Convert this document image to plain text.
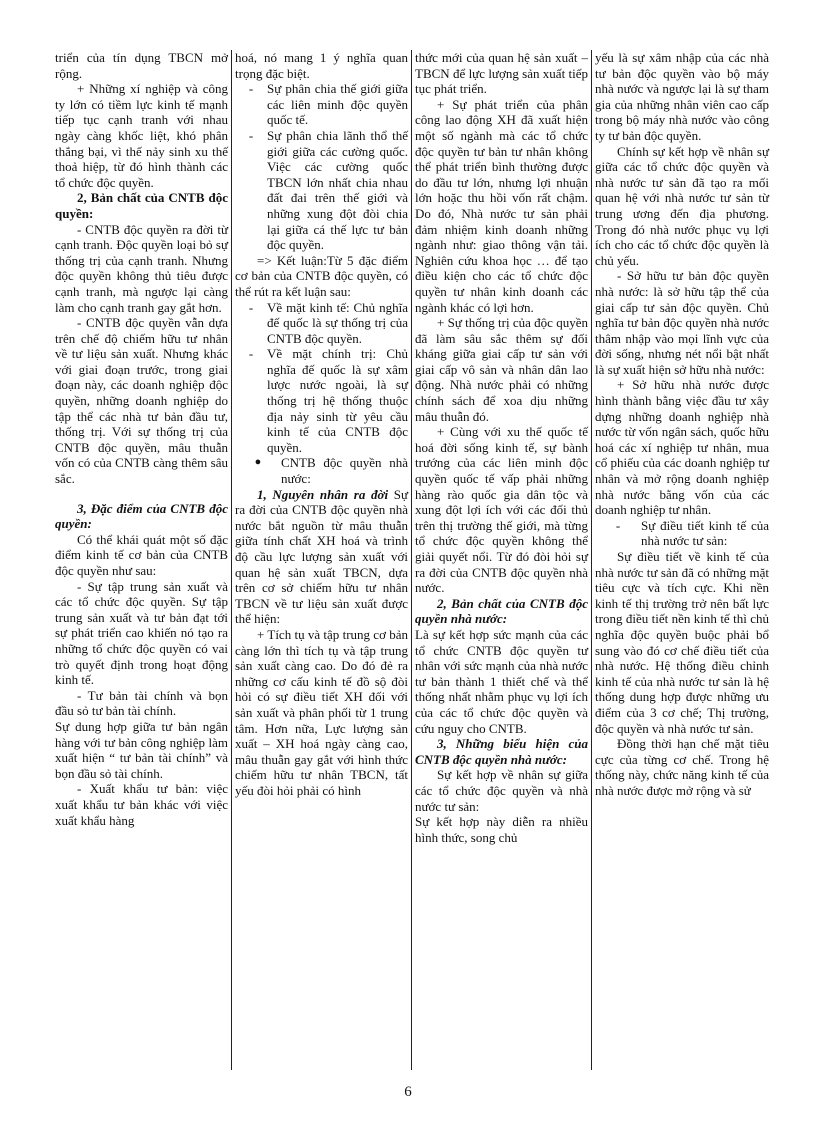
triển của tín dụng TBCN mở rộng.

+ Những xí nghiệp và công ty lớn có tiềm lực kinh tế mạnh tiếp tục cạnh tranh với nhau ngày càng khốc liệt, khó phân thắng bại, vì thế nảy sinh xu thế thoả hiệp, từ đó hình thành các tổ chức độc quyền.

2, Bản chất của CNTB độc quyền:

- CNTB độc quyền ra đời từ cạnh tranh. Độc quyền loại bỏ sự thống trị của cạnh tranh. Nhưng độc quyền không thủ tiêu được cạnh tranh, mà ngược lại càng làm cho cạnh tranh gay gắt hơn.

- CNTB độc quyền vẫn dựa trên chế độ chiếm hữu tư nhân về tư liệu sản xuất. Nhưng khác với giai đoạn trước, trong giai đoạn này, các doanh nghiệp độc quyền, những doanh nghiệp do tập thể các nhà tư bản đầu tư, thống trị. Với sự thống trị của CNTB độc quyền, mâu thuẫn vốn có của CNTB càng thêm sâu sắc.

3, Đặc điểm của CNTB độc quyền:

Có thể khái quát một số đặc điểm kinh tế cơ bản của CNTB độc quyền như sau:

- Sự tập trung sản xuất và các tổ chức độc quyền. Sự tập trung sản xuất và tư bản đạt tới sự phát triển cao khiến nó tạo ra những tổ chức độc quyền có vai trò quyết định trong hoạt động kinh tế.

- Tư bản tài chính và bọn đầu sỏ tư bản tài chính.

Sự dung hợp giữa tư bản ngân hàng với tư bản công nghiệp làm xuất hiện “ tư bản tài chính” và bọn đầu sỏ tài chính.

- Xuất khẩu tư bản: việc xuất khẩu tư bản khác với việc xuất khẩu hàng

hoá, nó mang 1 ý nghĩa quan trọng đặc biệt.

-	Sự phân chia thế giới giữa các liên minh độc quyền quốc tế.
-	Sự phân chia lãnh thổ thế giới giữa các cường quốc. Việc các cường quốc TBCN lớn nhất chia nhau đất đai trên thế giới và những xung đột đòi chia lại giữa cá thế lực tư bản độc quyền.

=> Kết luận:Từ 5 đặc điểm cơ bản của CNTB độc quyền, có thể rút ra kết luận sau:

-	Về mặt kinh tế: Chủ nghĩa đế quốc là sự thống trị của CNTB độc quyền.
-	Về mặt chính trị: Chủ nghĩa đế quốc là sự xâm lược nước ngoài, là sự thống trị hệ thống thuộc địa nảy sinh từ yêu cầu kinh tế của CNTB độc quyền.
●	CNTB độc quyền nhà nước:

1, Nguyên nhân ra đời Sự ra đời của CNTB độc quyền nhà nước bắt nguồn từ mâu thuẫn giữa tính chất XH hoá và trình độ cầu lực lượng sản xuất với quan hệ sản xuất TBCN, dựa trên cơ sở chiếm hữu tư nhân TBCN về tư liệu sản xuất được thể hiện:

+ Tích tụ và tập trung cơ bản càng lớn thì tích tụ và tập trung sản xuất càng cao. Do đó đẻ ra những cơ cấu kinh tế đồ sộ đòi hỏi có sự điều tiết XH đối với sản xuất và phân phối từ 1 trung tâm. Hơn nữa, Lực lượng sản xuất – XH hoá ngày càng cao, mâu thuẫn gay gắt với hình thức chiếm hữu tư nhân TBCN, tất yếu đòi hỏi phải có hình

thức mới của quan hệ sản xuất – TBCN để lực lượng sản xuất tiếp tục phát triển.

+ Sự phát triển của phân công lao động XH đã xuất hiện một số ngành mà các tổ chức độc quyền tư bản tư nhân không thể phát triển bình thường được do đầu tư lớn, nhưng lợi nhuận lớn hoặc thu hồi vốn rất chậm. Do đó, Nhà nước tư sản phải đảm nhiệm kinh doanh những ngành như: giao thông vận tải. Nghiên cứu khoa học … để tạo điều kiện cho các tổ chức độc quyền tư nhân kinh doanh các ngành khác có lợi hơn.

+ Sự thống trị của độc quyền đã làm sâu sắc thêm sự đối kháng giữa giai cấp tư sản với giai cấp vô sản và nhân dân lao động. Nhà nước phải có những chính sách để xoa dịu những mâu thuẫn đó.

+ Cùng với xu thế quốc tế hoá đời sống kinh tế, sự bành trướng của các liên minh độc quyền quốc tế vấp phải những hàng rào quốc gia dân tộc và xung đột lợi ích với các đối thủ trên thị trường thế giới, mà từng tổ chức độc quyền không thể giải quyết nổi. Từ đó đòi hỏi sự ra đời của CNTB độc quyền nhà nước.

2, Bản chất của CNTB độc quyền nhà nước:

Là sự kết hợp sức mạnh của các tổ chức CNTB độc quyền tư nhân với sức mạnh của nhà nước tư bản thành 1 thiết chế và thể thống nhất nhằm phục vụ lợi ích của các tổ chức độc quyền và cứu nguy cho CNTB.

3, Những biểu hiện của CNTB độc quyền nhà nước:

Sự kết hợp về nhân sự giữa các tổ chức độc quyền và nhà nước tư sản:

Sự kết hợp này diễn ra nhiều hình thức, song chủ

yếu là sự xâm nhập của các nhà tư bản độc quyền vào bộ máy nhà nước và ngược lại là sự tham gia của những nhân viên cao cấp trong bộ máy nhà nước vào công ty tư bản độc quyền.

Chính sự kết hợp về nhân sự giữa các tổ chức độc quyền và nhà nước tư sản đã tạo ra mối quan hệ với nhà nước tư sản từ trung ương đến địa phương. Trong đó nhà nước phục vụ lợi ích cho các tổ chức độc quyền là chủ yếu.

- Sở hữu tư bản độc quyền nhà nước: là sở hữu tập thể của giai cấp tư sản độc quyền. Chủ nghĩa tư bản độc quyền nhà nước thâm nhập vào mọi lĩnh vực của đời sống, nhưng nét nổi bật nhất là sự xuất hiện sở hữu nhà nước:

+ Sở hữu nhà nước được hình thành bằng việc đầu tư xây dựng những doanh nghiệp nhà nước từ vốn ngân sách, quốc hữu hoá các xí nghiệp tư nhân, mua cổ phiếu của các doanh nghiệp tư nhân và mở rộng doanh nghiệp nhà nước bằng vốn của các doanh nghiệp tư nhân.

-	Sự điều tiết kinh tế của nhà nước tư sản:

Sự điều tiết về kinh tế của nhà nước tư sản đã có những mặt tiêu cực và tích cực. Khi nền kinh tế thị trường trở nên bất lực trong điều tiết nền kinh tế thì chủ nghĩa độc quyền buộc phải bổ sung vào đó cơ chế điều tiết của nhà nước. Hệ thống điều chỉnh kinh tế của nhà nước tư sản là hệ thống dung hợp được những ưu điểm của 3 cơ chế; Thị trường, độc quyền và nhà nước tư sản.

Đồng thời hạn chế mặt tiêu cực của từng cơ chế. Trong hệ thống này, chức năng kinh tế của nhà nước được mở rộng và sử

6
